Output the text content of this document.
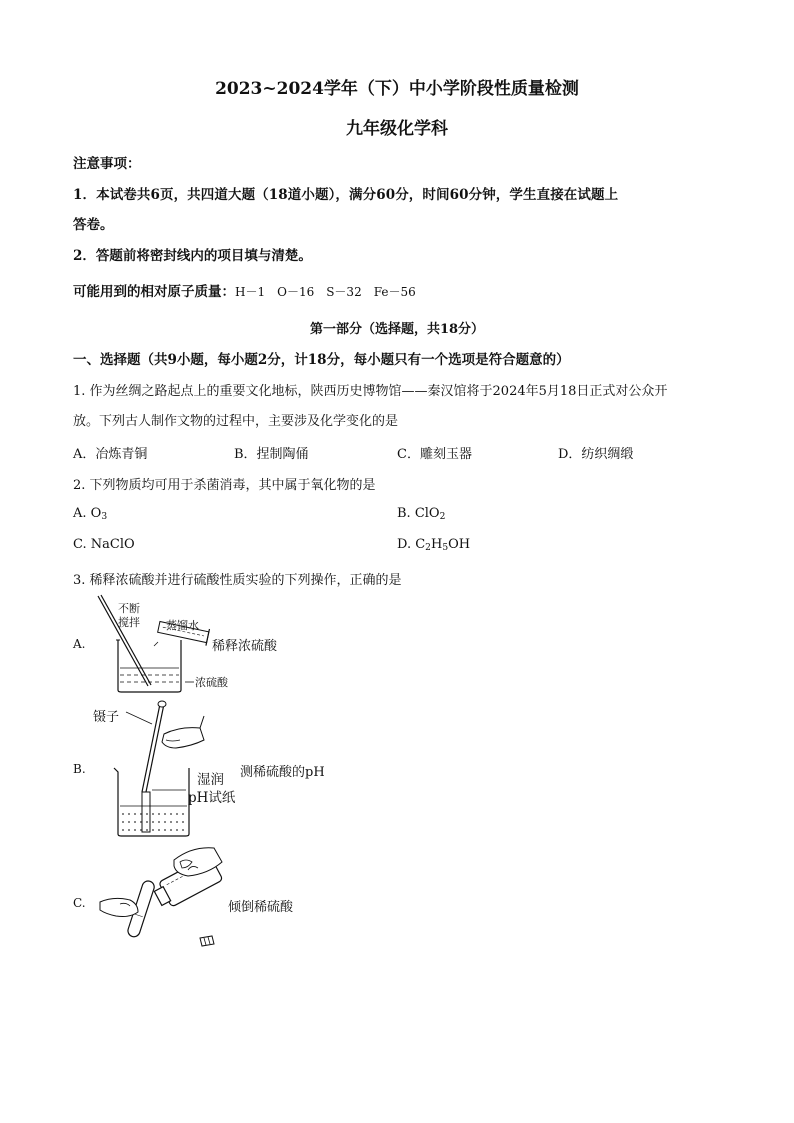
2023~2024学年（下）中小学阶段性质量检测
九年级化学科
注意事项：
1．本试卷共6页，共四道大题（18道小题），满分60分，时间60分钟，学生直接在试题上
答卷。
2．答题前将密封线内的项目填与清楚。
可能用到的相对原子质量：H－1　O－16　S－32　Fe－56
第一部分（选择题，共18分）
一、选择题（共9小题，每小题2分，计18分，每小题只有一个选项是符合题意的）
1. 作为丝绸之路起点上的重要文化地标，陕西历史博物馆——秦汉馆将于2024年5月18日正式对公众开
放。下列古人制作文物的过程中，主要涉及化学变化的是
A．冶炼青铜	B．捏制陶俑	C．雕刻玉器	D．纺织绸缎
2. 下列物质均可用于杀菌消毒，其中属于氧化物的是
A. $O_3$	B. ClO$_2$
C. NaClO	D. $C_2H_5OH$
3. 稀释浓硫酸并进行硫酸性质实验的下列操作，正确的是
A.
不断
搅拌 蒸馏水
稀释浓硫酸
浓硫酸
镊子
B.
湿润
pH试纸
测稀硫酸的pH
C.	倾倒稀硫酸
